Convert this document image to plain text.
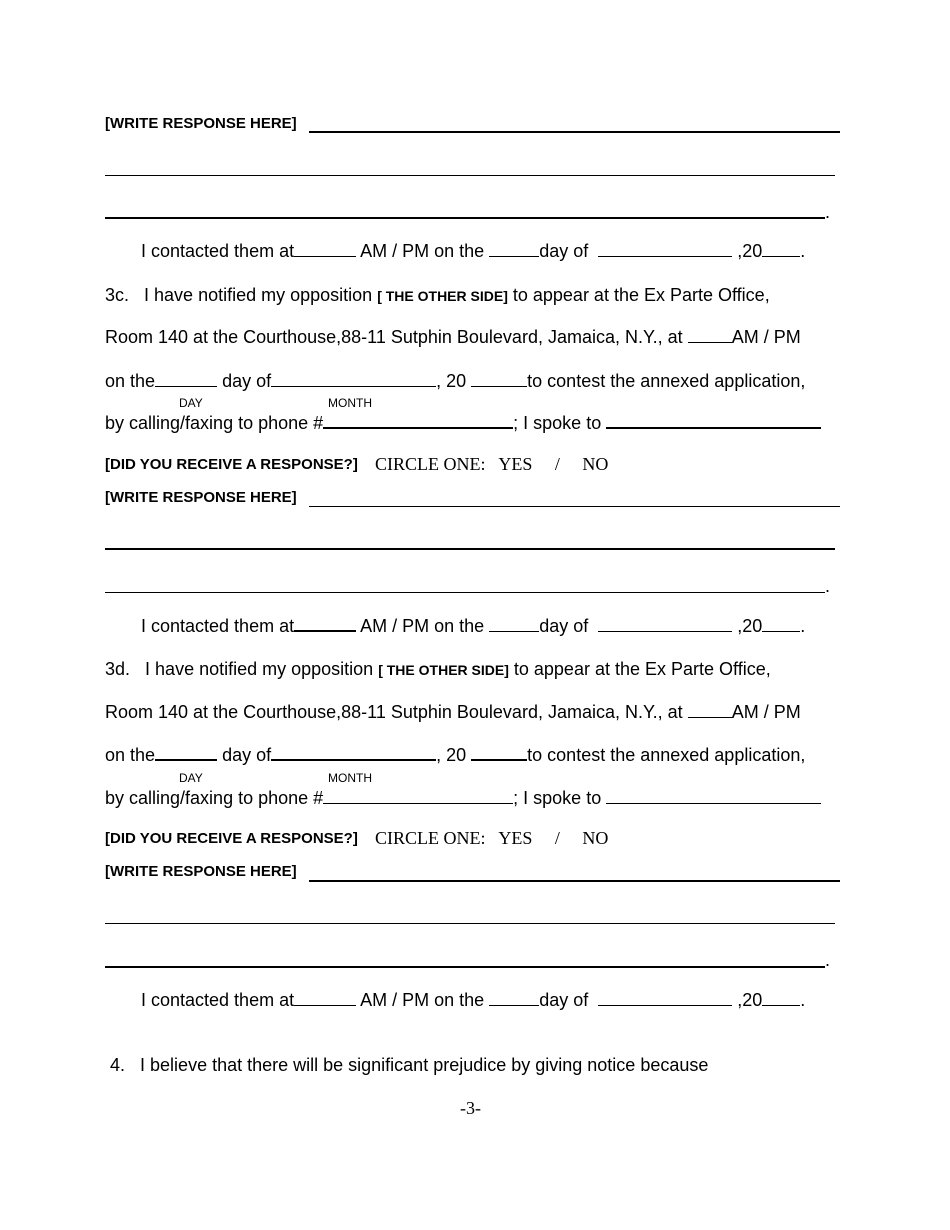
[WRITE RESPONSE HERE]
.
I contacted them at	AM / PM on the	day of	,20 .
3c. I have notified my opposition [ THE OTHER SIDE] to appear at the Ex Parte Office,
Room 140 at the Courthouse,88-11 Sutphin Boulevard, Jamaica, N.Y., at	AM / PM
on the	day of	, 20	to contest the annexed application,
DAY	MONTH
by calling/faxing to phone #	; I spoke to
[DID YOU RECEIVE A RESPONSE?] CIRCLE ONE: YES / NO
[WRITE RESPONSE HERE]
.
I contacted them at	AM / PM on the	day of	,20 .
3d. I have notified my opposition [ THE OTHER SIDE] to appear at the Ex Parte Office,
Room 140 at the Courthouse,88-11 Sutphin Boulevard, Jamaica, N.Y., at	AM / PM
on the	day of	, 20	to contest the annexed application,
DAY	MONTH
by calling/faxing to phone #	; I spoke to
[DID YOU RECEIVE A RESPONSE?] CIRCLE ONE: YES / NO
[WRITE RESPONSE HERE]
.
I contacted them at	AM / PM on the	day of	,20 .
4. I believe that there will be significant prejudice by giving notice because
-3-
